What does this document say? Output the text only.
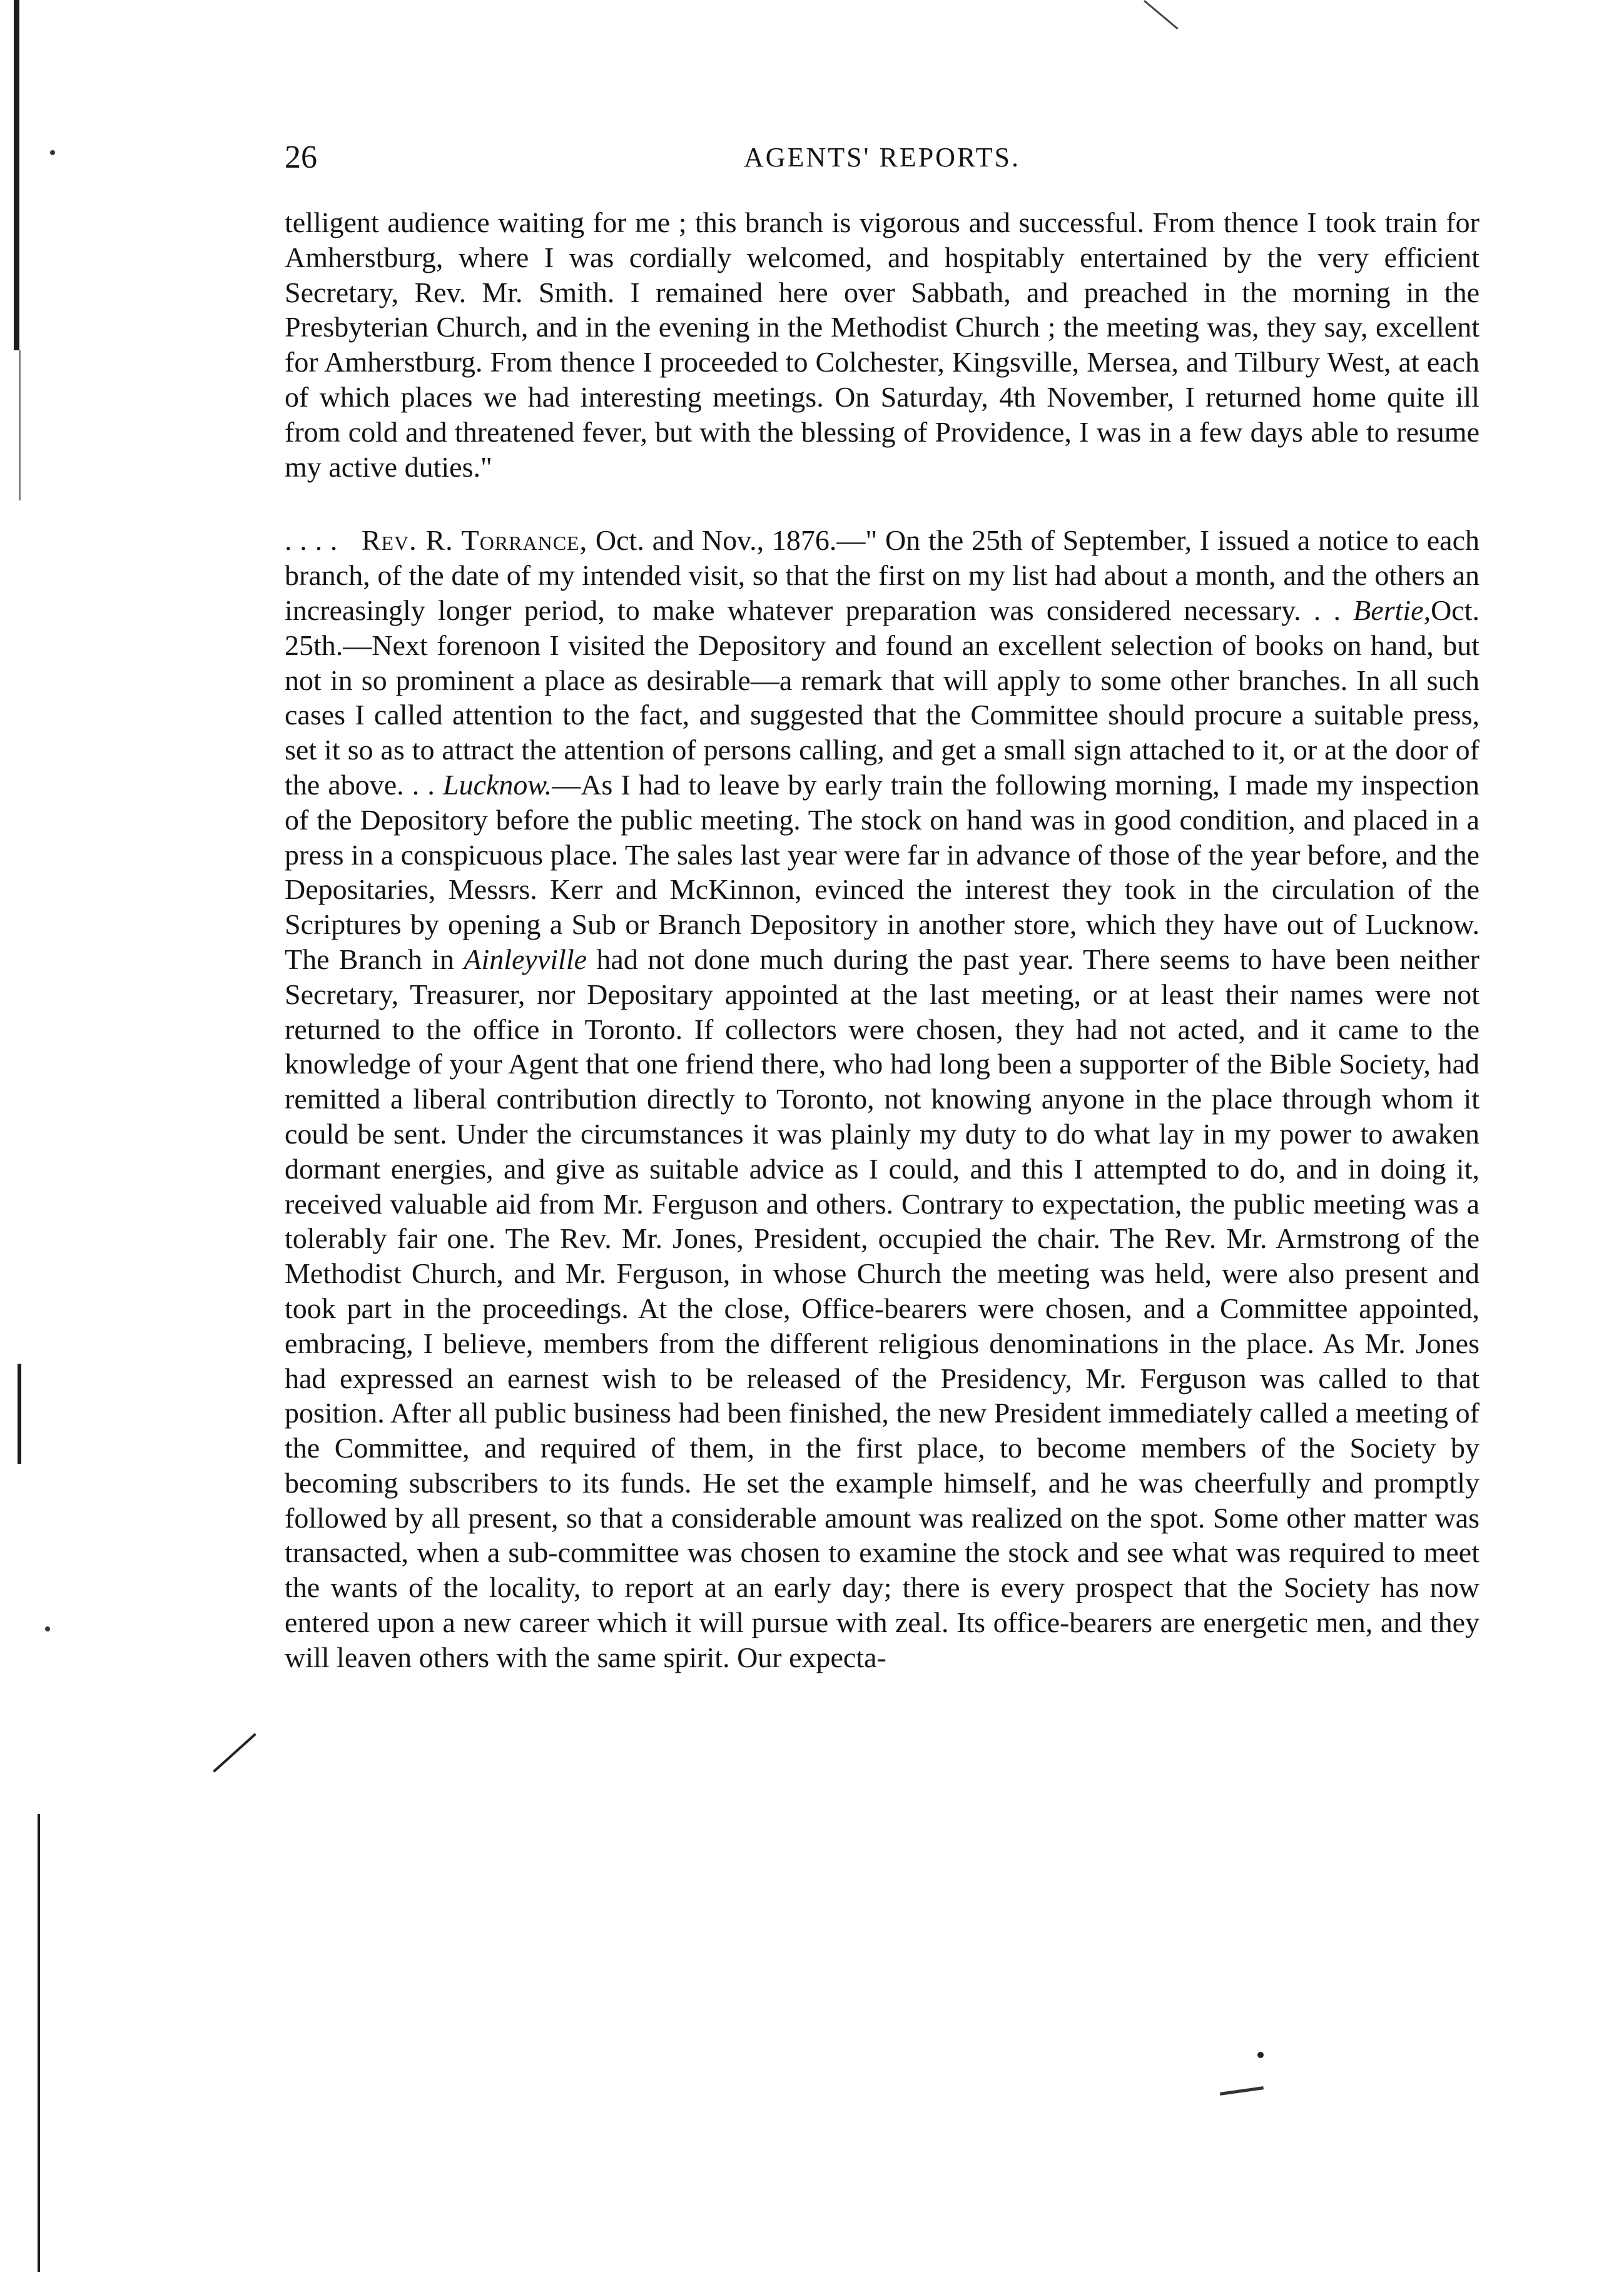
26	AGENTS' REPORTS.

telligent audience waiting for me ; this branch is vigorous and successful. From thence I took train for Amherstburg, where I was cordially welcomed, and hospitably entertained by the very efficient Secretary, Rev. Mr. Smith. I remained here over Sabbath, and preached in the morning in the Presbyterian Church, and in the evening in the Methodist Church ; the meeting was, they say, excellent for Amherstburg. From thence I proceeded to Colchester, Kingsville, Mersea, and Tilbury West, at each of which places we had interesting meetings. On Saturday, 4th November, I returned home quite ill from cold and threatened fever, but with the blessing of Providence, I was in a few days able to resume my active duties."

. . . . Rev. R. Torrance, Oct. and Nov., 1876.—" On the 25th of September, I issued a notice to each branch, of the date of my intended visit, so that the first on my list had about a month, and the others an increasingly longer period, to make whatever preparation was considered necessary. . . Bertie,Oct. 25th.—Next forenoon I visited the Depository and found an excellent selection of books on hand, but not in so prominent a place as desirable—a remark that will apply to some other branches. In all such cases I called attention to the fact, and suggested that the Committee should procure a suitable press, set it so as to attract the attention of persons calling, and get a small sign attached to it, or at the door of the above. . . Lucknow.—As I had to leave by early train the following morning, I made my inspection of the Depository before the public meeting. The stock on hand was in good condition, and placed in a press in a conspicuous place. The sales last year were far in advance of those of the year before, and the Depositaries, Messrs. Kerr and McKinnon, evinced the interest they took in the circulation of the Scriptures by opening a Sub or Branch Depository in another store, which they have out of Lucknow. The Branch in Ainleyville had not done much during the past year. There seems to have been neither Secretary, Treasurer, nor Depositary appointed at the last meeting, or at least their names were not returned to the office in Toronto. If collectors were chosen, they had not acted, and it came to the knowledge of your Agent that one friend there, who had long been a supporter of the Bible Society, had remitted a liberal contribution directly to Toronto, not knowing anyone in the place through whom it could be sent. Under the circumstances it was plainly my duty to do what lay in my power to awaken dormant energies, and give as suitable advice as I could, and this I attempted to do, and in doing it, received valuable aid from Mr. Ferguson and others. Contrary to expectation, the public meeting was a tolerably fair one. The Rev. Mr. Jones, President, occupied the chair. The Rev. Mr. Armstrong of the Methodist Church, and Mr. Ferguson, in whose Church the meeting was held, were also present and took part in the proceedings. At the close, Office-bearers were chosen, and a Committee appointed, embracing, I believe, members from the different religious denominations in the place. As Mr. Jones had expressed an earnest wish to be released of the Presidency, Mr. Ferguson was called to that position. After all public business had been finished, the new President immediately called a meeting of the Committee, and required of them, in the first place, to become members of the Society by becoming subscribers to its funds. He set the example himself, and he was cheerfully and promptly followed by all present, so that a considerable amount was realized on the spot. Some other matter was transacted, when a sub-committee was chosen to examine the stock and see what was required to meet the wants of the locality, to report at an early day; there is every prospect that the Society has now entered upon a new career which it will pursue with zeal. Its office-bearers are energetic men, and they will leaven others with the same spirit. Our expecta-
